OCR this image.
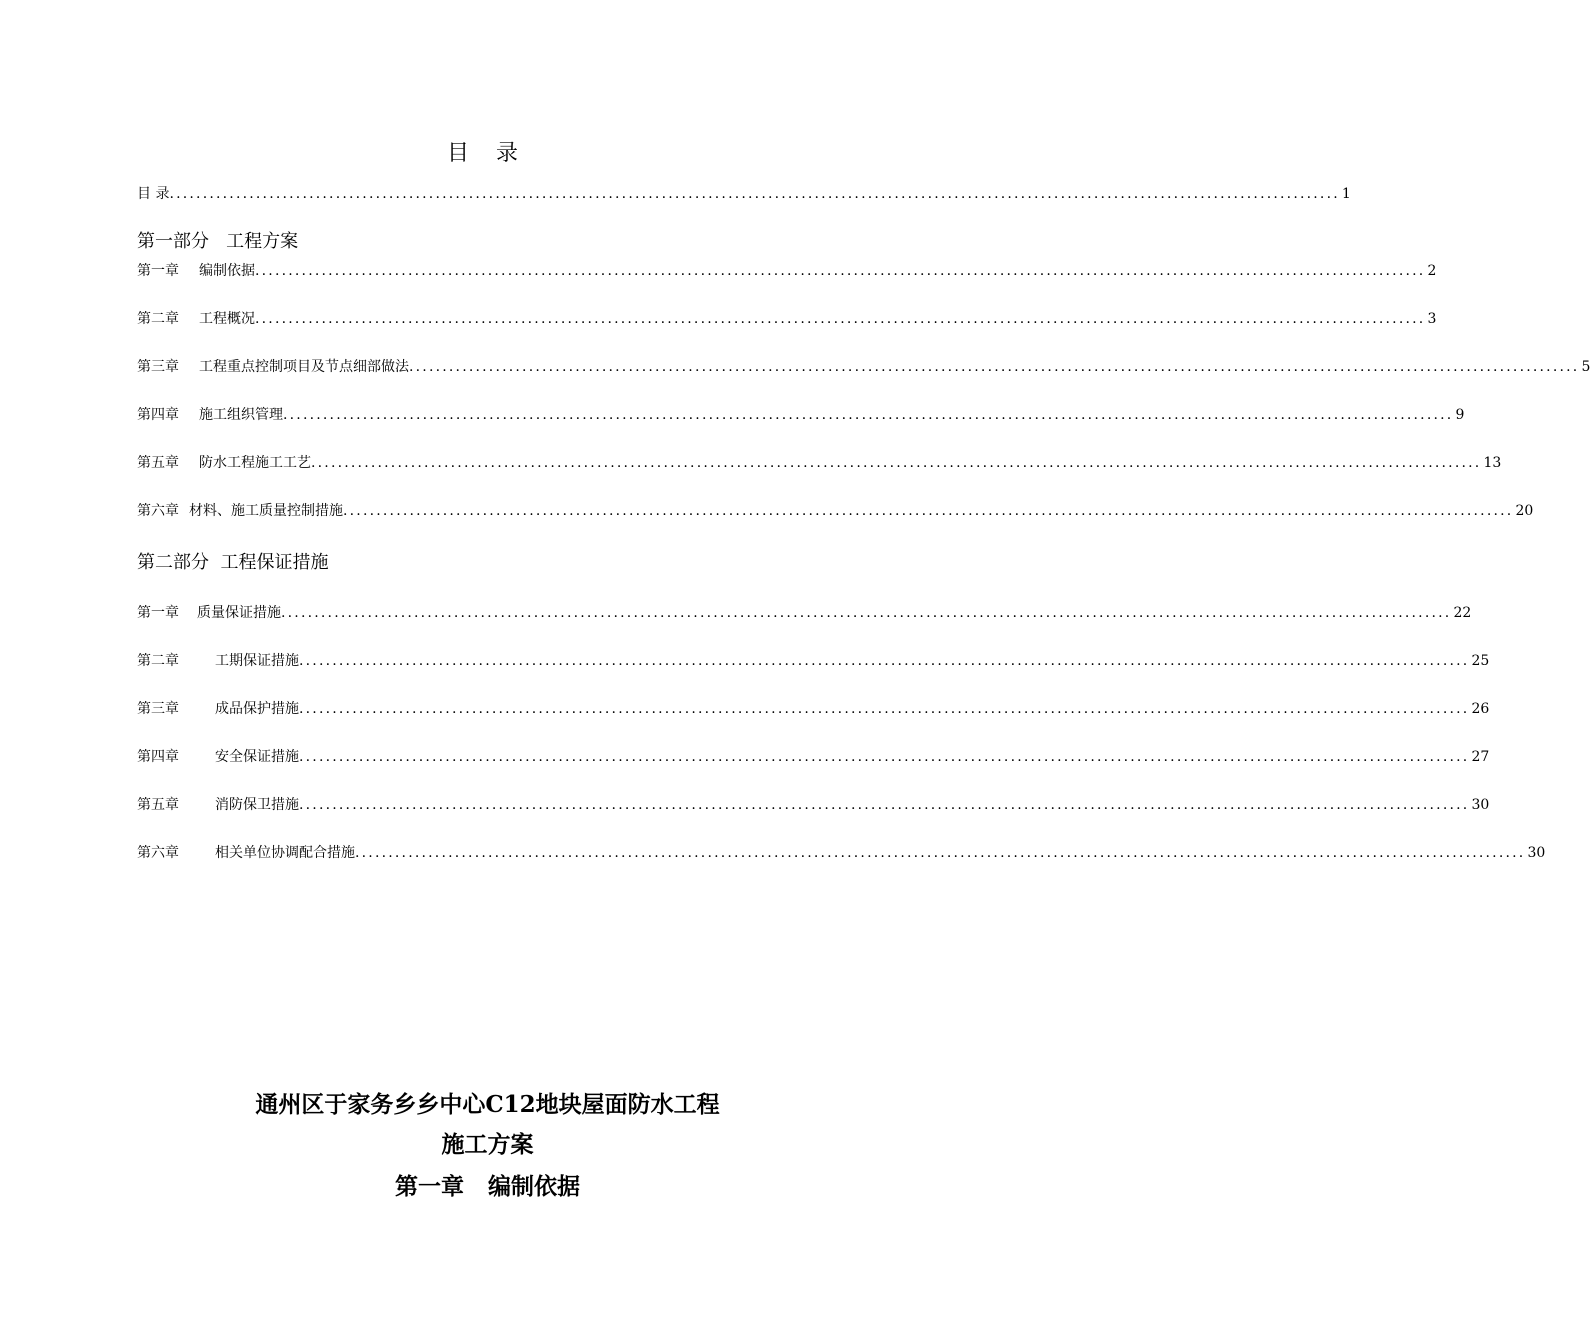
目 录
目 录 ................................................................................................................................................................................ 1
第一部分   工程方案
第一章 编制依据 ................................................................................................................................................................................ 2
第二章 工程概况 ................................................................................................................................................................................ 3
第三章 工程重点控制项目及节点细部做法 ................................................................................................................................................................................ 5
第四章 施工组织管理 ................................................................................................................................................................................ 9
第五章 防水工程施工工艺 ................................................................................................................................................................................ 13
第六章 材料、施工质量控制措施 ................................................................................................................................................................................ 20
第二部分  工程保证措施
第一章 质量保证措施 ................................................................................................................................................................................ 22
第二章	工期保证措施 ................................................................................................................................................................................ 25
第三章	成品保护措施 ................................................................................................................................................................................ 26
第四章	安全保证措施 ................................................................................................................................................................................ 27
第五章	消防保卫措施 ................................................................................................................................................................................ 30
第六章	相关单位协调配合措施 ................................................................................................................................................................................ 30
通州区于家务乡乡中心C12地块屋面防水工程
施工方案
第一章   编制依据
